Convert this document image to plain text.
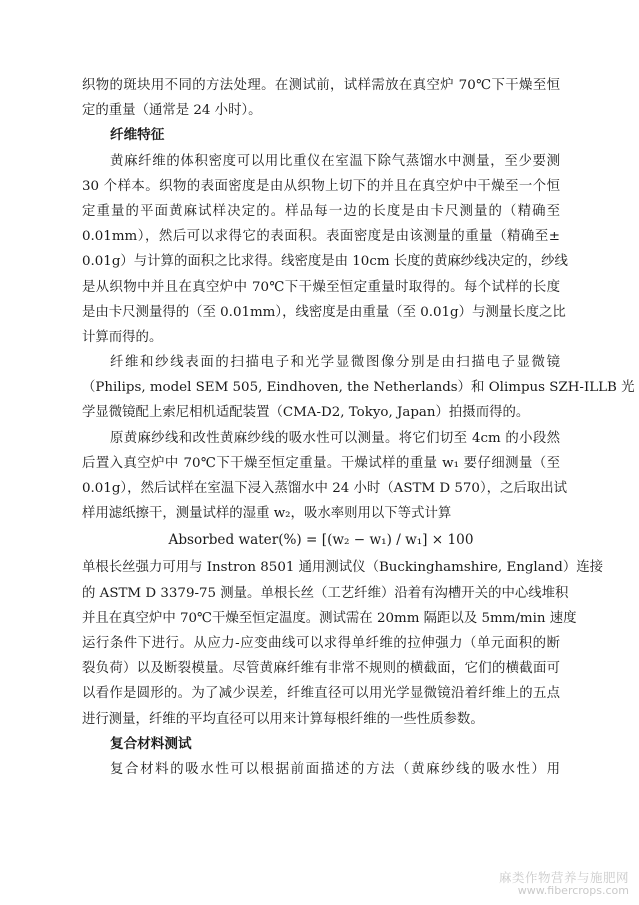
织物的斑块用不同的方法处理。在测试前，试样需放在真空炉 70℃下干燥至恒
定的重量（通常是 24 小时）。
纤维特征
黄麻纤维的体积密度可以用比重仪在室温下除气蒸馏水中测量，至少要测
30 个样本。织物的表面密度是由从织物上切下的并且在真空炉中干燥至一个恒
定重量的平面黄麻试样决定的。样品每一边的长度是由卡尺测量的（精确至
0.01mm），然后可以求得它的表面积。表面密度是由该测量的重量（精确至±
0.01g）与计算的面积之比求得。线密度是由 10cm 长度的黄麻纱线决定的，纱线
是从织物中并且在真空炉中 70℃下干燥至恒定重量时取得的。每个试样的长度
是由卡尺测量得的（至 0.01mm），线密度是由重量（至 0.01g）与测量长度之比
计算而得的。
纤维和纱线表面的扫描电子和光学显微图像分别是由扫描电子显微镜
（Philips, model SEM 505, Eindhoven, the Netherlands）和 Olimpus SZH-ILLB 光
学显微镜配上索尼相机适配装置（CMA-D2, Tokyo, Japan）拍摄而得的。
原黄麻纱线和改性黄麻纱线的吸水性可以测量。将它们切至 4cm 的小段然
后置入真空炉中 70℃下干燥至恒定重量。干燥试样的重量 w₁ 要仔细测量（至
0.01g），然后试样在室温下浸入蒸馏水中 24 小时（ASTM D 570），之后取出试
样用滤纸擦干，测量试样的湿重 w₂，吸水率则用以下等式计算
Absorbed water(%) = [(w₂ − w₁) / w₁] × 100
单根长丝强力可用与 Instron 8501 通用测试仪（Buckinghamshire, England）连接
的 ASTM D 3379-75 测量。单根长丝（工艺纤维）沿着有沟槽开关的中心线堆积
并且在真空炉中 70℃干燥至恒定温度。测试需在 20mm 隔距以及 5mm/min 速度
运行条件下进行。从应力-应变曲线可以求得单纤维的拉伸强力（单元面积的断
裂负荷）以及断裂模量。尽管黄麻纤维有非常不规则的横截面，它们的横截面可
以看作是圆形的。为了减少误差，纤维直径可以用光学显微镜沿着纤维上的五点
进行测量，纤维的平均直径可以用来计算每根纤维的一些性质参数。
复合材料测试
复合材料的吸水性可以根据前面描述的方法（黄麻纱线的吸水性）用
麻类作物营养与施肥网
www.fibercrops.com
